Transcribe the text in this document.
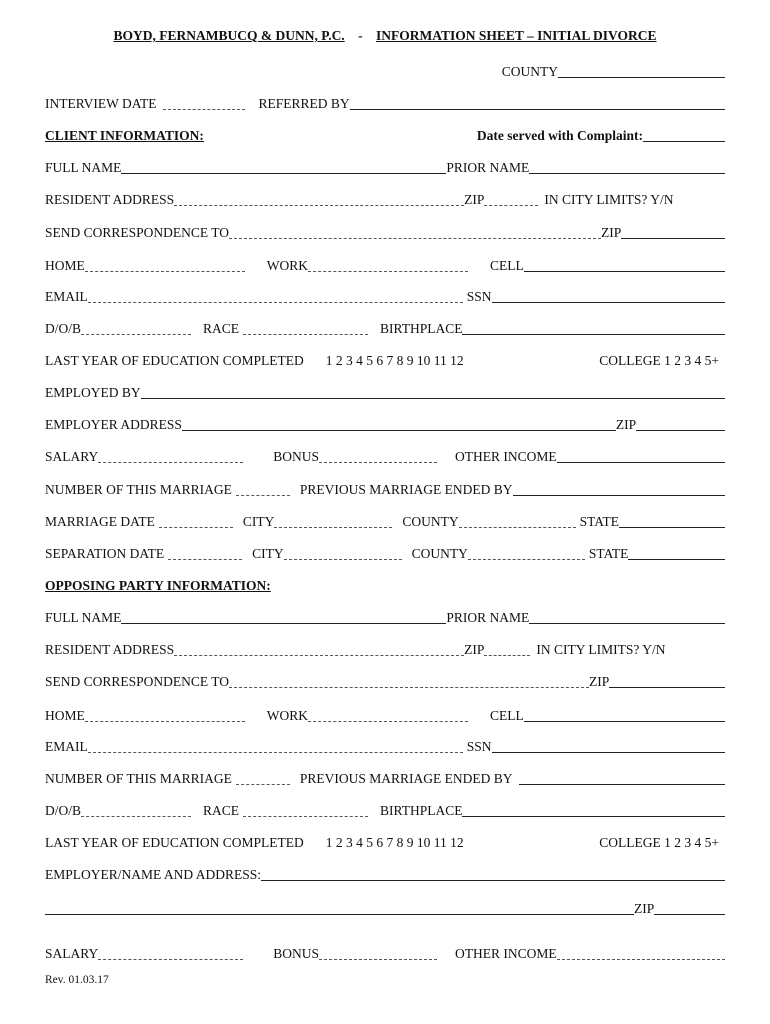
BOYD, FERNAMBUCQ & DUNN, P.C. - INFORMATION SHEET – INITIAL DIVORCE
COUNTY
INTERVIEW DATE	REFERRED BY
CLIENT INFORMATION:	Date served with Complaint:
FULL NAME	PRIOR NAME
RESIDENT ADDRESS	ZIP	IN CITY LIMITS? Y/N
SEND CORRESPONDENCE TO	ZIP
HOME	WORK	CELL
EMAIL	SSN
D/O/B	RACE	BIRTHPLACE
LAST YEAR OF EDUCATION COMPLETED 1 2 3 4 5 6 7 8 9 10 11 12	COLLEGE 1 2 3 4 5+
EMPLOYED BY
EMPLOYER ADDRESS	ZIP
SALARY	BONUS	OTHER INCOME
NUMBER OF THIS MARRIAGE	PREVIOUS MARRIAGE ENDED BY
MARRIAGE DATE	CITY	COUNTY	STATE
SEPARATION DATE	CITY	COUNTY	STATE
OPPOSING PARTY INFORMATION:
FULL NAME	PRIOR NAME
RESIDENT ADDRESS	ZIP	IN CITY LIMITS? Y/N
SEND CORRESPONDENCE TO	ZIP
HOME	WORK	CELL
EMAIL	SSN
NUMBER OF THIS MARRIAGE	PREVIOUS MARRIAGE ENDED BY
D/O/B	RACE	BIRTHPLACE
LAST YEAR OF EDUCATION COMPLETED 1 2 3 4 5 6 7 8 9 10 11 12	COLLEGE 1 2 3 4 5+
EMPLOYER/NAME AND ADDRESS:
ZIP
SALARY	BONUS	OTHER INCOME
Rev. 01.03.17
